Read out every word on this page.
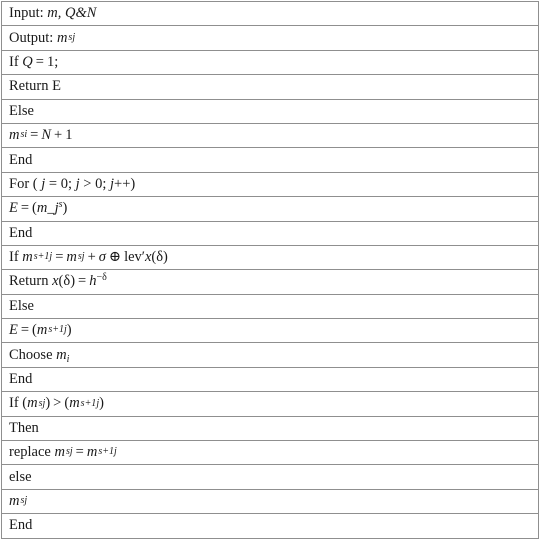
Input: m, Q&N
Output: msj
If Q = 1;
Return E
Else
msi = N + 1
End
For ( j = 0; j > 0; j++)
$E = (m\_j^s)$
End
If ms+1j = msj + σ ⊕ lev′x(δ)
Return $x(\delta) = h^{-\delta}$
Else
E = (ms+1j)
Choose $m_i$
End
If (msj) > (ms+1j)
Then
replace msj = ms+1j
else
msj
End
